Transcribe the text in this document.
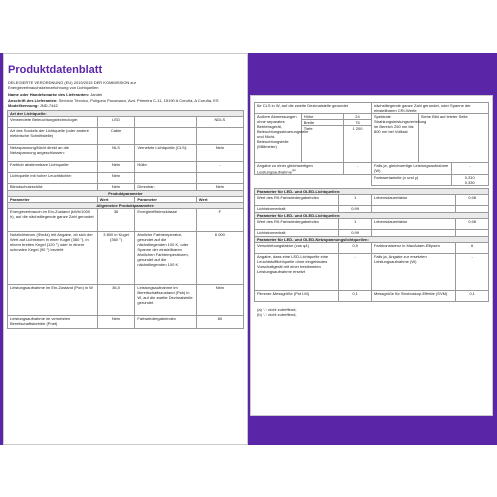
Produktdatenblatt
DELEGIERTE VERORDNUNG (EU) 2019/2015 DER KOMMISSION zur
Energieverbrauchskennzeichnung von Lichtquellen
Name oder Handelsmarke des Lieferanten: Jandei
Anschrift des Lieferanten: Servicio Técnico, Polígono Pocomaco, Avd. Primeira C-11, 15190 A Coruña, A Coruña, ES
Modellkennung: JND-7442
Art der Lichtquelle:			
Verwendete Beleuchtungstechnologie:	LED		NDLS
Art des Sockels der Lichtquelle (oder andere elektrische Schnittstelle)	Cable		
Netzspannung/Nicht direkt an die Netzspannung angeschlossen:	NLS	Vernetzte Lichtquelle (CLS):	Nein
Farbtoh abstimmbare Lichtquelle:	Nein	Hülle:	-
Lichtquelle mit hoher Leuchtdichte:	Nein		
Blendschutzschild:	Nein	Dimmbar:	Nein
Produktparameter			
Parameter	Wert	Parameter	Wert
Allgemeine Produktparameter:			
Energieverbrauch im Ein-Zustand (kWh/1000 h), auf die nächstliegende ganze Zahl gerundet	36	Energieeffizienzklasse	F
Nutzlichtstrom (Φnutz) mit Angabe, ob sich der Wert auf Lichtstrom in einer Kugel (360 °), in einem breiten Kegel (120 °) oder in einem schmalen Kegel (90 °) bezieht	3 800 in Kugel (360 °)	ähnliche Farbtemperatur, gerundet auf die nächstliegenden 100 K, oder Spanne der einstellbaren ähnlichen Farbtemperaturen, gerundet auf die nächstliegenden 100 K	6 000
Leistungsaufnahme im Ein-Zustand (Pon) in W	36,0	Leistungsaufnahme im Bereitschaftszustand (Psb) in W, auf die zweite Dezimalstelle gerundet	Nein
Leistungsaufnahme im vernetzten Bereitschaftsbetrieb (Pnet)	Nein	Farbwiedergabeindex	80
für CLS in W, auf die zweite Dezimalstelle gerundet			nächstliegende ganze Zahl gerundet, oder Spanne der einstellbaren CRI-Werte		
Äußere Abmessungen ohne separates Betriebsgerät, Beleuchtungssteuerungsteile und Nicht-Beleuchtungsteile (Millimeter)	Höhe	24	Spektrale Strahlungsleistungsverteilung im Bereich 250 nm bis 800 nm bei Volllast	Siehe Bild auf letzter Seite	
	Breite	75			
	Tiefe	1 200			
Angabe zu einer gleichwertigen Leistungsaufnahme$^{(a)}$		-	Falls ja, gleichwertige Leistungsaufnahme (W)		-
			Farbwertanteile (x und y)		0,310
0,330
Parameter für LED- und OLED-Lichtquellen:			
Wert des R9-Farbwiedergabeindex	1	Lebensdauerfaktor	0,98
Lichtstromerhalt	0,99		
Parameter für LED- und OLED-Lichtquellen:			
Wert des R9-Farbwiedergabeindex	1	Lebensdauerfaktor	0,98
Lichtstromerhalt	0,99		
Parameter für LED- und OLED-Netzspannungslichtquellen:			
Verschiebungsfaktor (cos φ1)	0,9	Farbkonsistenz in MacAdam-Ellipsen	6
Angabe, dass eine LED-Lichtquelle eine Leuchtstofflichtquelle ohne eingebautes Vorschaltgerät mit einer bestimmten Leistungsaufnahme ersetzt	-	Falls ja, Angabe zur ersetzten Leistungsaufnahme (W)	-
Flimmer-Messgröße (Pst LM)	0,1	Messgröße für Stroboskop-Effekte (SVM)	0,1
(a) '-': nicht zutreffend;
(b) '-': nicht zutreffend;
